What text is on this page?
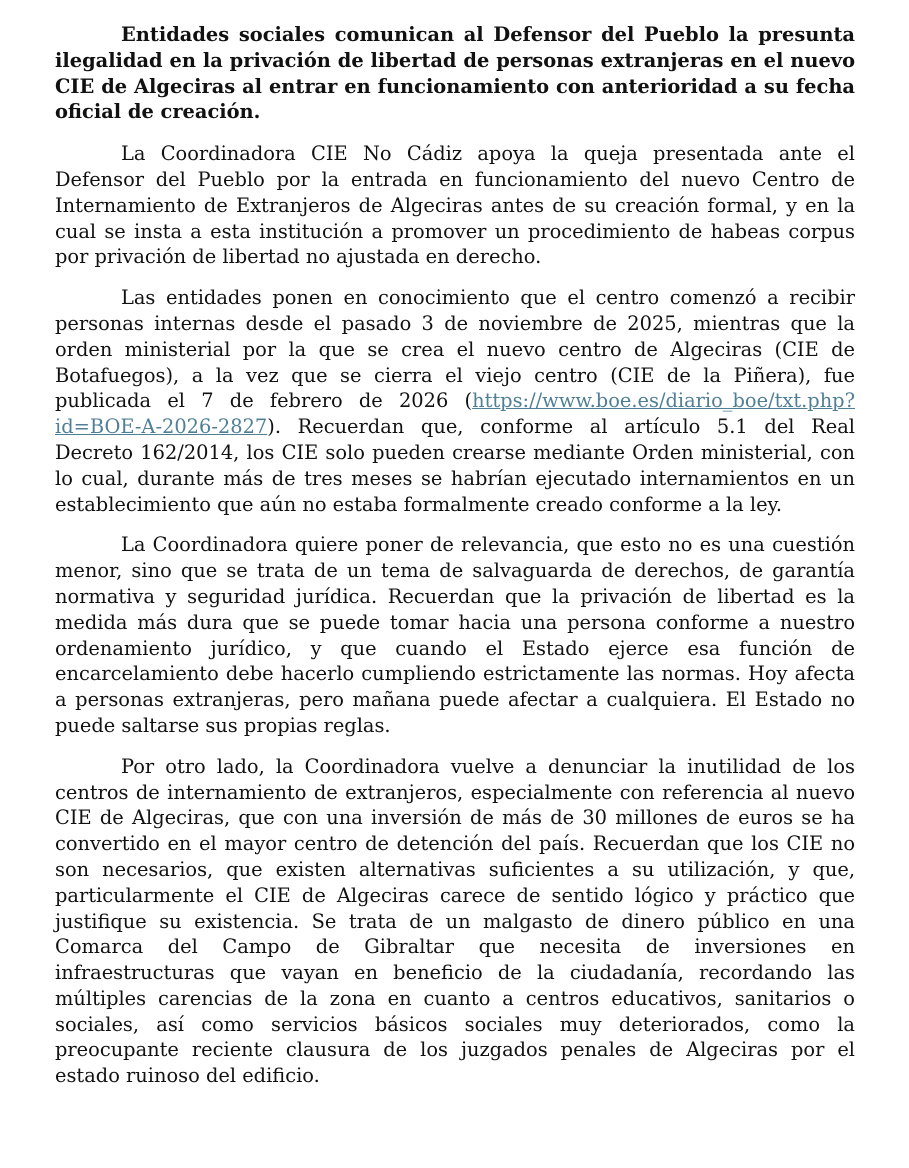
Entidades sociales comunican al Defensor del Pueblo la presunta ilegalidad en la privación de libertad de personas extranjeras en el nuevo CIE de Algeciras al entrar en funcionamiento con anterioridad a su fecha oficial de creación.

La Coordinadora CIE No Cádiz apoya la queja presentada ante el Defensor del Pueblo por la entrada en funcionamiento del nuevo Centro de Internamiento de Extranjeros de Algeciras antes de su creación formal, y en la cual se insta a esta institución a promover un procedimiento de habeas corpus por privación de libertad no ajustada en derecho.

Las entidades ponen en conocimiento que el centro comenzó a recibir personas internas desde el pasado 3 de noviembre de 2025, mientras que la orden ministerial por la que se crea el nuevo centro de Algeciras (CIE de Botafuegos), a la vez que se cierra el viejo centro (CIE de la Piñera), fue publicada el 7 de febrero de 2026 (https://www.boe.es/diario_boe/txt.php?id=BOE-A-2026-2827). Recuerdan que, conforme al artículo 5.1 del Real Decreto 162/2014, los CIE solo pueden crearse mediante Orden ministerial, con lo cual, durante más de tres meses se habrían ejecutado internamientos en un establecimiento que aún no estaba formalmente creado conforme a la ley.

La Coordinadora quiere poner de relevancia, que esto no es una cuestión menor, sino que se trata de un tema de salvaguarda de derechos, de garantía normativa y seguridad jurídica. Recuerdan que la privación de libertad es la medida más dura que se puede tomar hacia una persona conforme a nuestro ordenamiento jurídico, y que cuando el Estado ejerce esa función de encarcelamiento debe hacerlo cumpliendo estrictamente las normas. Hoy afecta a personas extranjeras, pero mañana puede afectar a cualquiera. El Estado no puede saltarse sus propias reglas.

Por otro lado, la Coordinadora vuelve a denunciar la inutilidad de los centros de internamiento de extranjeros, especialmente con referencia al nuevo CIE de Algeciras, que con una inversión de más de 30 millones de euros se ha convertido en el mayor centro de detención del país. Recuerdan que los CIE no son necesarios, que existen alternativas suficientes a su utilización, y que, particularmente el CIE de Algeciras carece de sentido lógico y práctico que justifique su existencia. Se trata de un malgasto de dinero público en una Comarca del Campo de Gibraltar que necesita de inversiones en infraestructuras que vayan en beneficio de la ciudadanía, recordando las múltiples carencias de la zona en cuanto a centros educativos, sanitarios o sociales, así como servicios básicos sociales muy deteriorados, como la preocupante reciente clausura de los juzgados penales de Algeciras por el estado ruinoso del edificio.
